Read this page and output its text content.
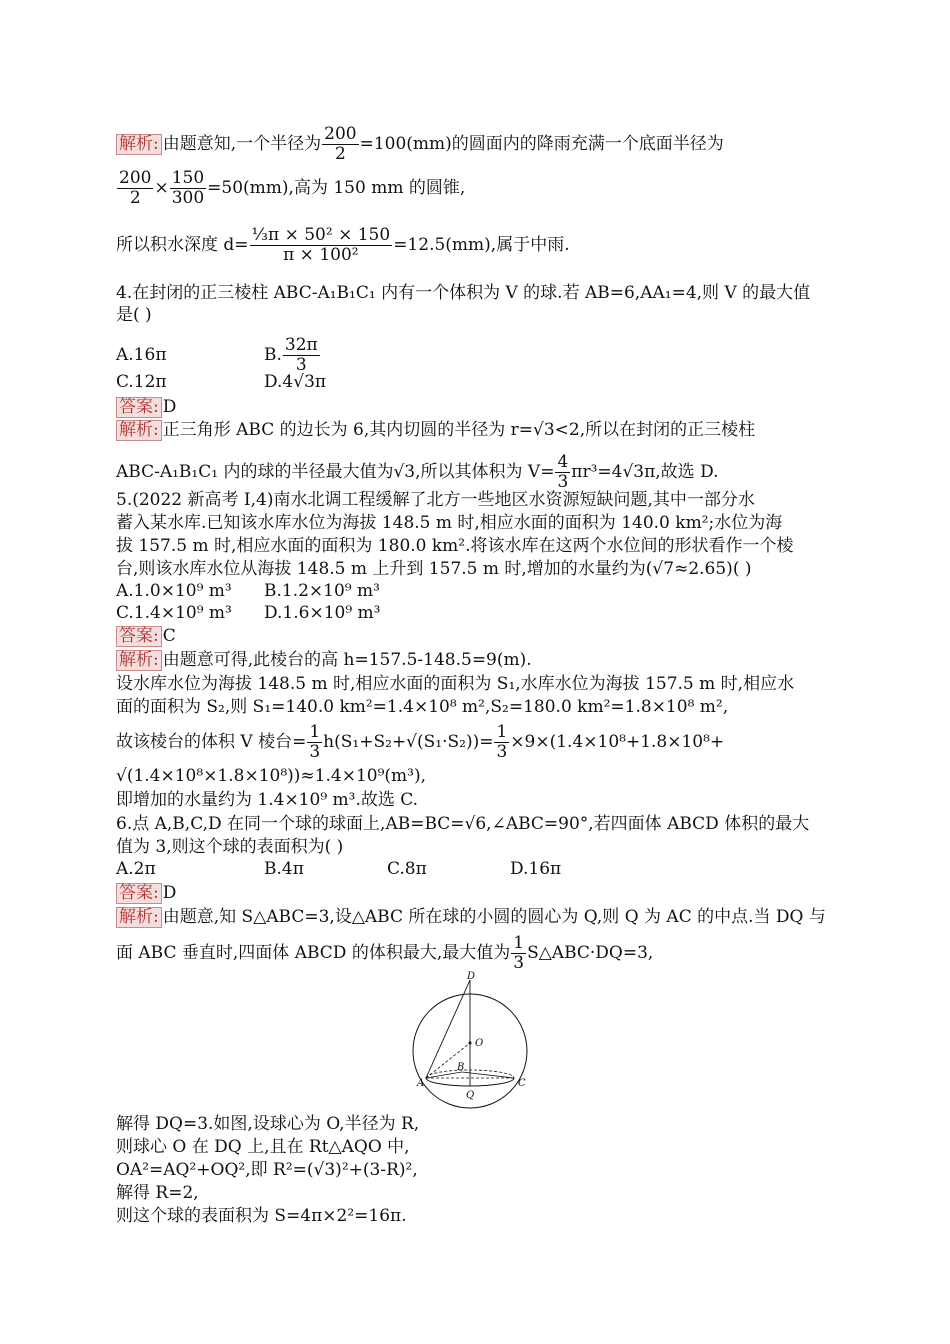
解析: 由题意知,一个半径为 $\frac{200}{2} =100(mm)$的圆面内的降雨充满一个底面半径为
$\frac{200}{2} \times \frac{150}{300} =50(mm)$,高为 150 mm 的圆锥,
所以积水深度 $d= \frac{\text{⅓π × 50² × 150}}{\text{π × 100²}} =12.5(mm)$,属于中雨.
4.在封闭的正三棱柱 ABC-A₁B₁C₁ 内有一个体积为 V 的球.若 AB=6,AA₁=4,则 V 的最大值
是( )
A.16π	B. $\frac{32\pi}{3}$
C.12π	D.4√3π
答案: D
解析: 正三角形 ABC 的边长为 6,其内切圆的半径为 r=√3<2,所以在封闭的正三棱柱
ABC-A₁B₁C₁ 内的球的半径最大值为√3,所以其体积为 $V= \frac{4}{3} \pi r^3=4√3\pi$,故选 D.
5.(2022 新高考 Ⅰ,4)南水北调工程缓解了北方一些地区水资源短缺问题,其中一部分水
蓄入某水库.已知该水库水位为海拔 148.5 m 时,相应水面的面积为 140.0 km²;水位为海
拔 157.5 m 时,相应水面的面积为 180.0 km².将该水库在这两个水位间的形状看作一个棱
台,则该水库水位从海拔 148.5 m 上升到 157.5 m 时,增加的水量约为(√7≈2.65)( )
A.1.0×10⁹ m³ B.1.2×10⁹ m³
C.1.4×10⁹ m³ D.1.6×10⁹ m³
答案: C
解析: 由题意可得,此棱台的高 h=157.5-148.5=9(m).
设水库水位为海拔 148.5 m 时,相应水面的面积为 S₁,水库水位为海拔 157.5 m 时,相应水
面的面积为 S₂,则 S₁=140.0 km²=1.4×10⁸ m²,S₂=180.0 km²=1.8×10⁸ m²,
故该棱台的体积 V 棱台= $\frac{1}{3} h(S_1+S_2+√(S_1\cdot S_2))= \frac{1}{3} \times 9\times(1.4\times 10^8+1.8\times 10^8+$
√(1.4×10⁸×1.8×10⁸))≈1.4×10⁹(m³),
即增加的水量约为 1.4×10⁹ m³.故选 C.
6.点 A,B,C,D 在同一个球的球面上,AB=BC=√6,∠ABC=90°,若四面体 ABCD 体积的最大
值为 3,则这个球的表面积为( )
A.2π	B.4π	C.8π	D.16π
答案: D
解析: 由题意,知 S△ABC=3,设△ABC 所在球的小圆的圆心为 Q,则 Q 为 AC 的中点.当 DQ 与
面 ABC 垂直时,四面体 ABCD 的体积最大,最大值为 $\frac{1}{3}$ S△ABC·DQ=3,
D
O
B
A
Q
C
解得 DQ=3.如图,设球心为 O,半径为 R,
则球心 O 在 DQ 上,且在 Rt△AQO 中,
OA²=AQ²+OQ²,即 R²=(√3)²+(3-R)²,
解得 R=2,
则这个球的表面积为 S=4π×2²=16π.
